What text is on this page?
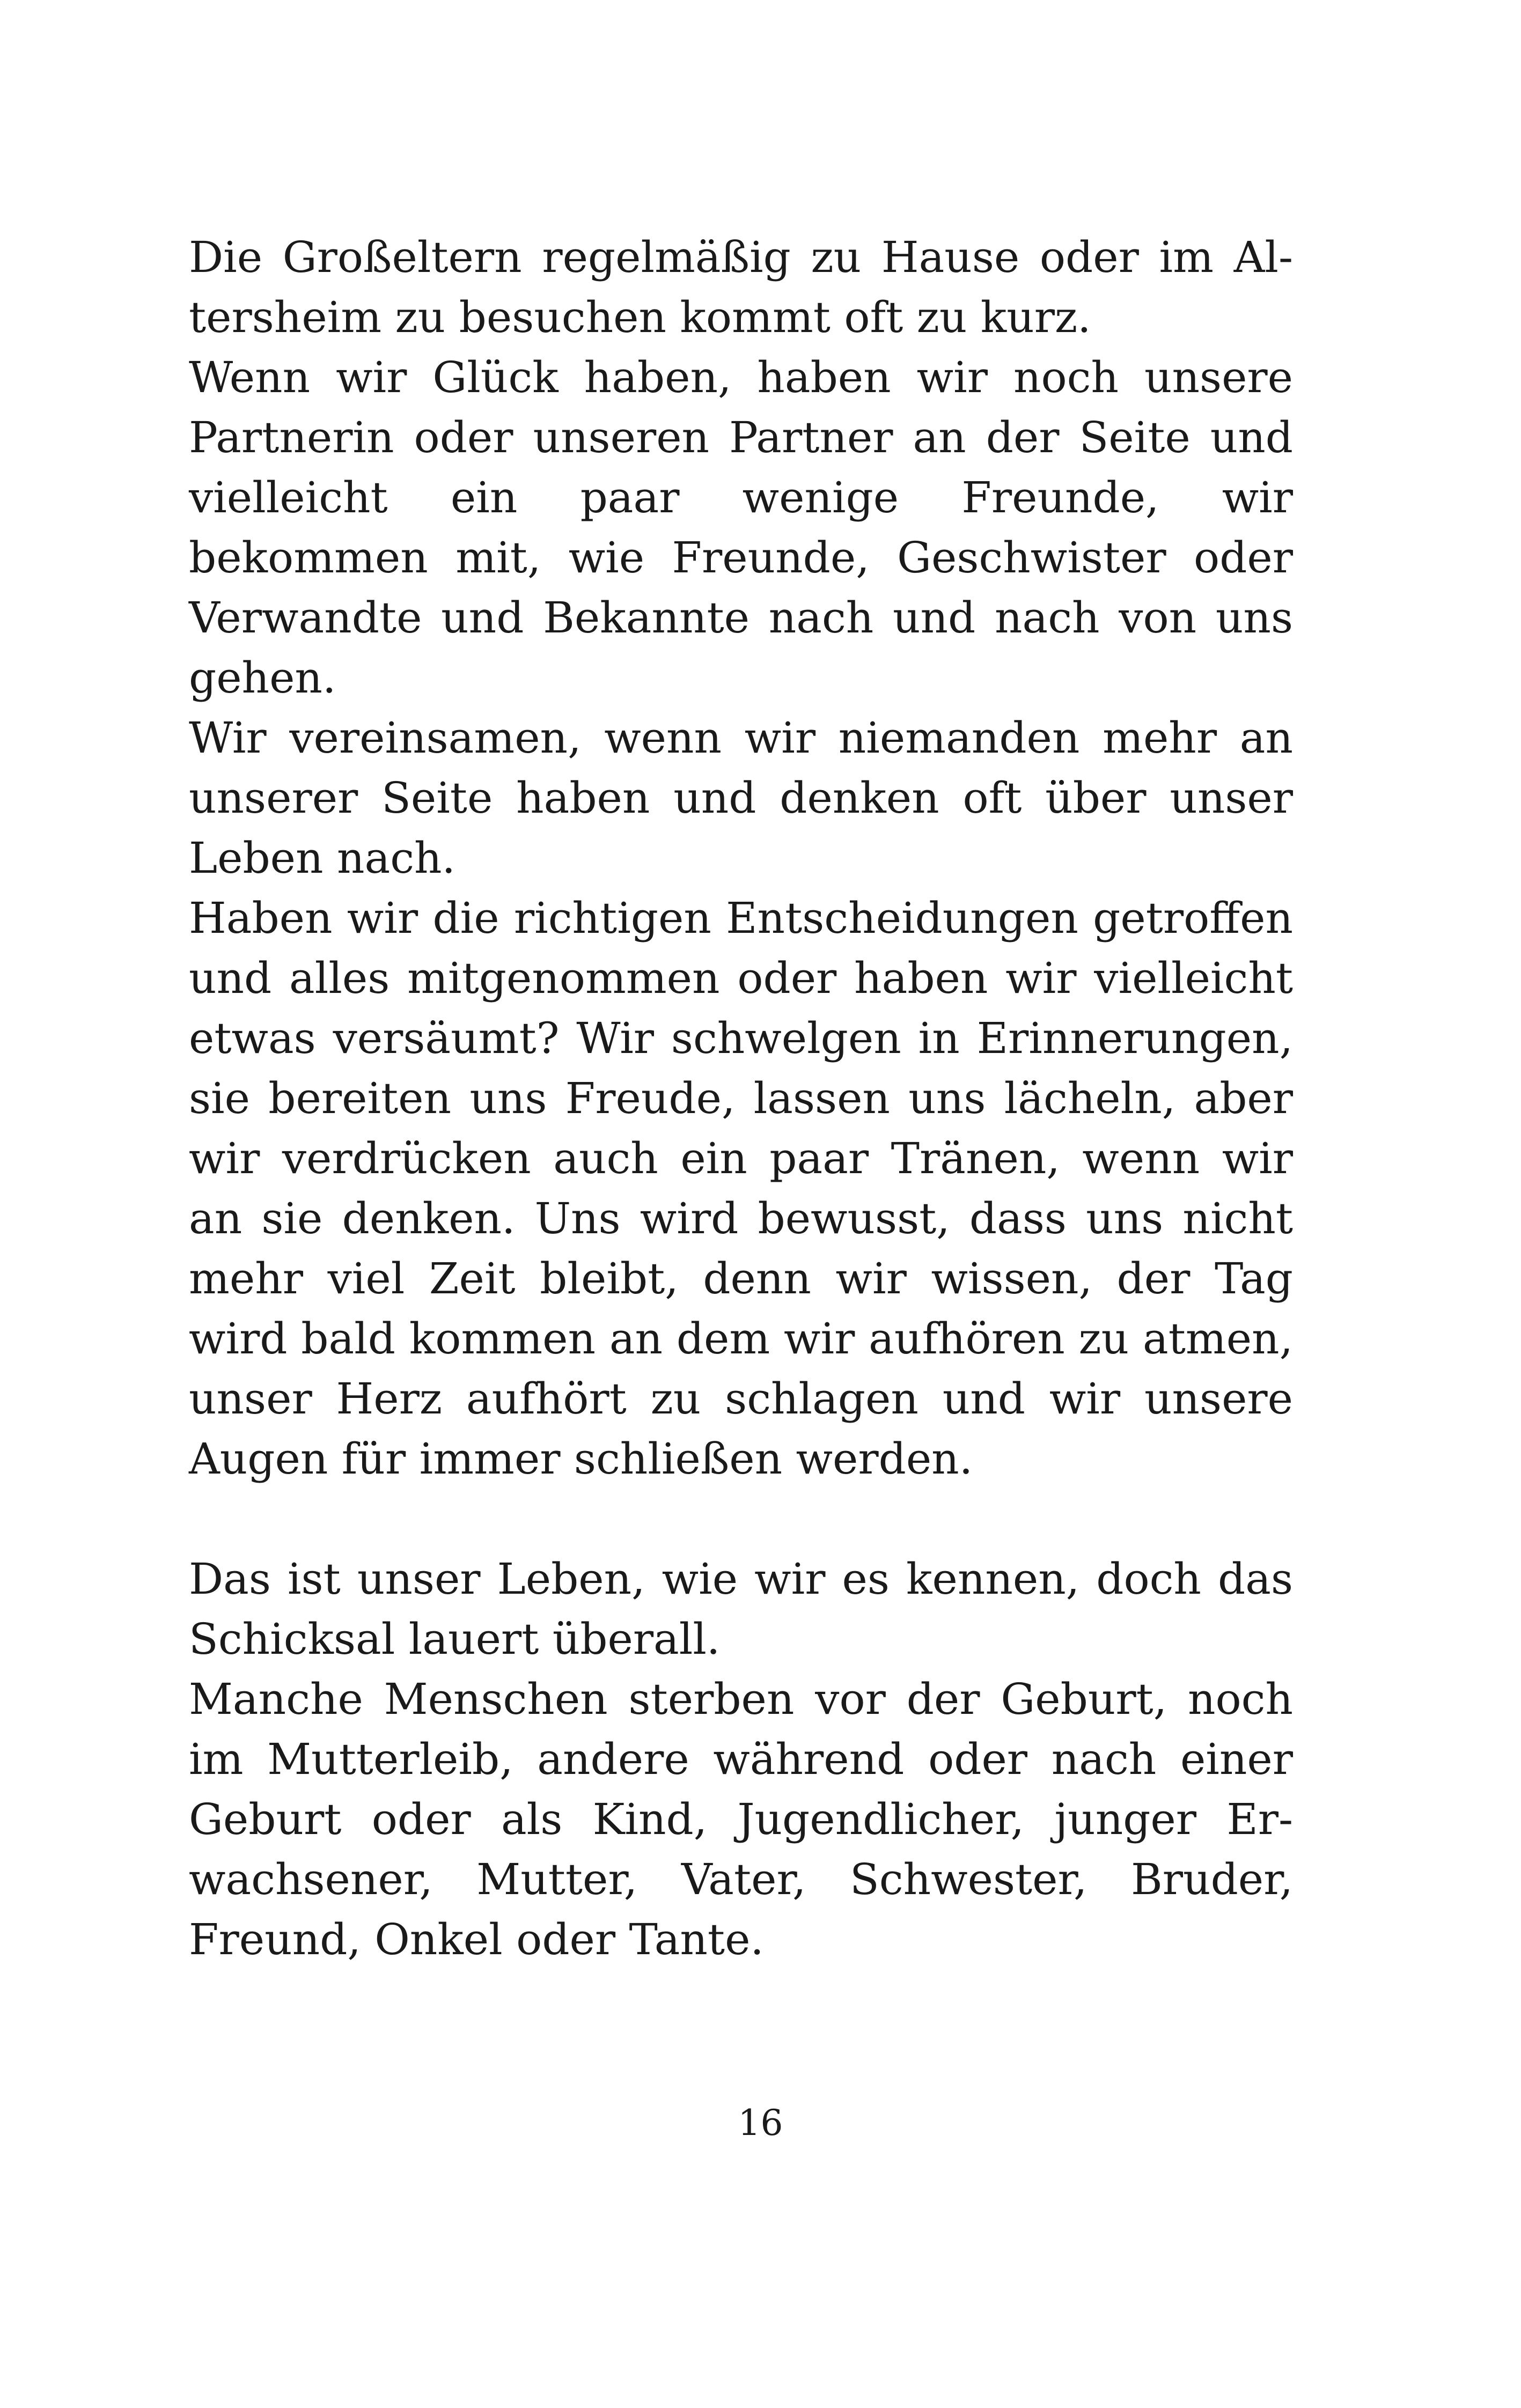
Die Großeltern regelmäßig zu Hause oder im Altersheim zu besuchen kommt oft zu kurz.

Wenn wir Glück haben, haben wir noch unsere Partnerin oder unseren Partner an der Seite und vielleicht ein paar wenige Freunde, wir bekommen mit, wie Freunde, Geschwister oder Verwandte und Bekannte nach und nach von uns gehen.

Wir vereinsamen, wenn wir niemanden mehr an unserer Seite haben und denken oft über unser Leben nach.

Haben wir die richtigen Entscheidungen getroffen und alles mitgenommen oder haben wir vielleicht etwas versäumt? Wir schwelgen in Erinnerungen, sie bereiten uns Freude, lassen uns lächeln, aber wir verdrücken auch ein paar Tränen, wenn wir an sie denken. Uns wird bewusst, dass uns nicht mehr viel Zeit bleibt, denn wir wissen, der Tag wird bald kommen an dem wir aufhören zu atmen, unser Herz aufhört zu schlagen und wir unsere Augen für immer schließen werden.

Das ist unser Leben, wie wir es kennen, doch das Schicksal lauert überall.

Manche Menschen sterben vor der Geburt, noch im Mutterleib, andere während oder nach einer Geburt oder als Kind, Jugendlicher, junger Erwachsener, Mutter, Vater, Schwester, Bruder, Freund, Onkel oder Tante.

16
